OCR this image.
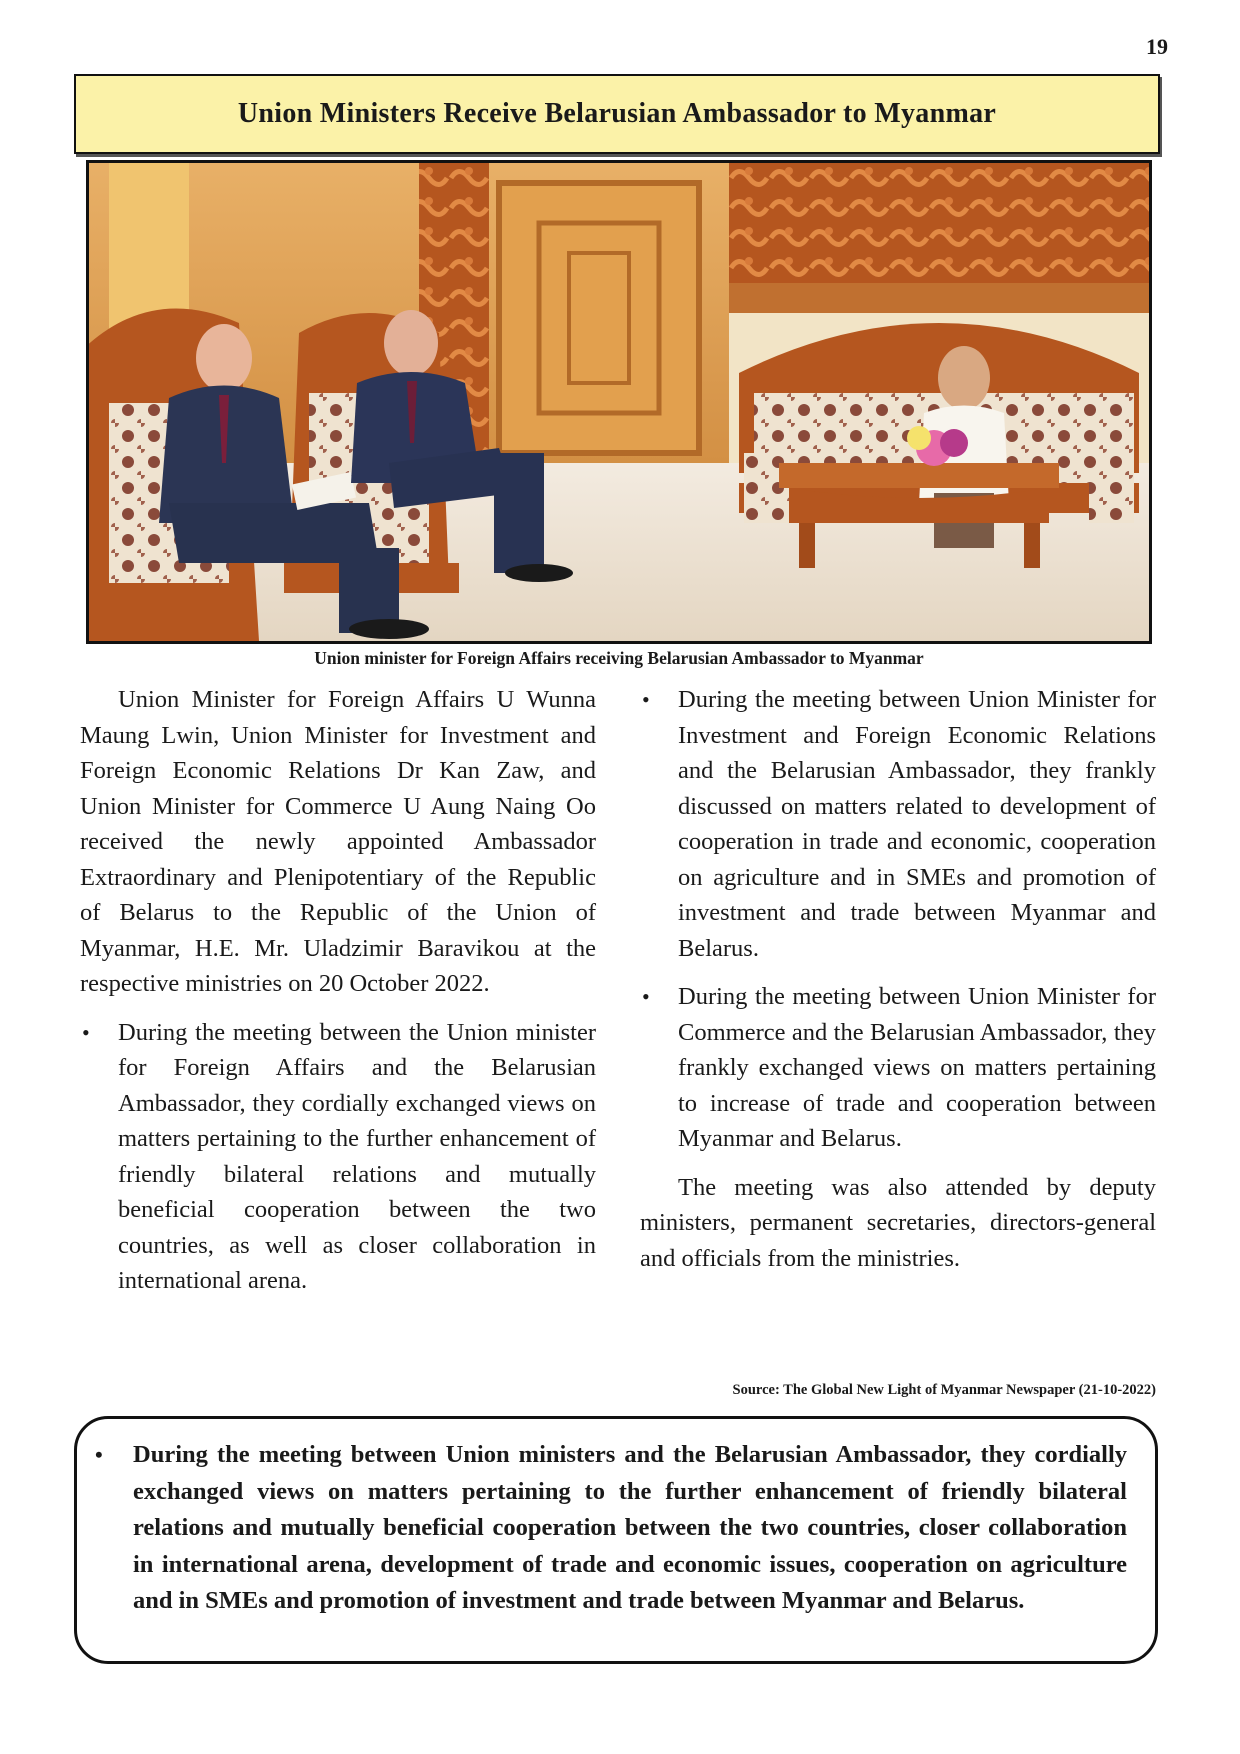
19
Union Ministers Receive Belarusian Ambassador to Myanmar
Union minister for Foreign Affairs receiving Belarusian Ambassador to Myanmar

Union Minister for Foreign Affairs U Wunna Maung Lwin, Union Minister for Investment and Foreign Economic Relations Dr Kan Zaw, and Union Minister for Commerce U Aung Naing Oo received the newly appointed Ambassador Extraordinary and Plenipotentiary of the Republic of Belarus to the Republic of the Union of Myanmar, H.E. Mr. Uladzimir Baravikou at the respective ministries on 20 October 2022.

• During the meeting between the Union minister for Foreign Affairs and the Belarusian Ambassador, they cordially exchanged views on matters pertaining to the further enhancement of friendly bilateral relations and mutually beneficial cooperation between the two countries, as well as closer collaboration in international arena.
• During the meeting between Union Minister for Investment and Foreign Economic Relations and the Belarusian Ambassador, they frankly discussed on matters related to development of cooperation in trade and economic, cooperation on agriculture and in SMEs and promotion of investment and trade between Myanmar and Belarus.
• During the meeting between Union Minister for Commerce and the Belarusian Ambassador, they frankly exchanged views on matters pertaining to increase of trade and cooperation between Myanmar and Belarus.

The meeting was also attended by deputy ministers, permanent secretaries, directors-general and officials from the ministries.

Source: The Global New Light of Myanmar Newspaper (21-10-2022)

• During the meeting between Union ministers and the Belarusian Ambassador, they cordially exchanged views on matters pertaining to the further enhancement of friendly bilateral relations and mutually beneficial cooperation between the two countries, closer collaboration in international arena, development of trade and economic issues, cooperation on agriculture and in SMEs and promotion of investment and trade between Myanmar and Belarus.
